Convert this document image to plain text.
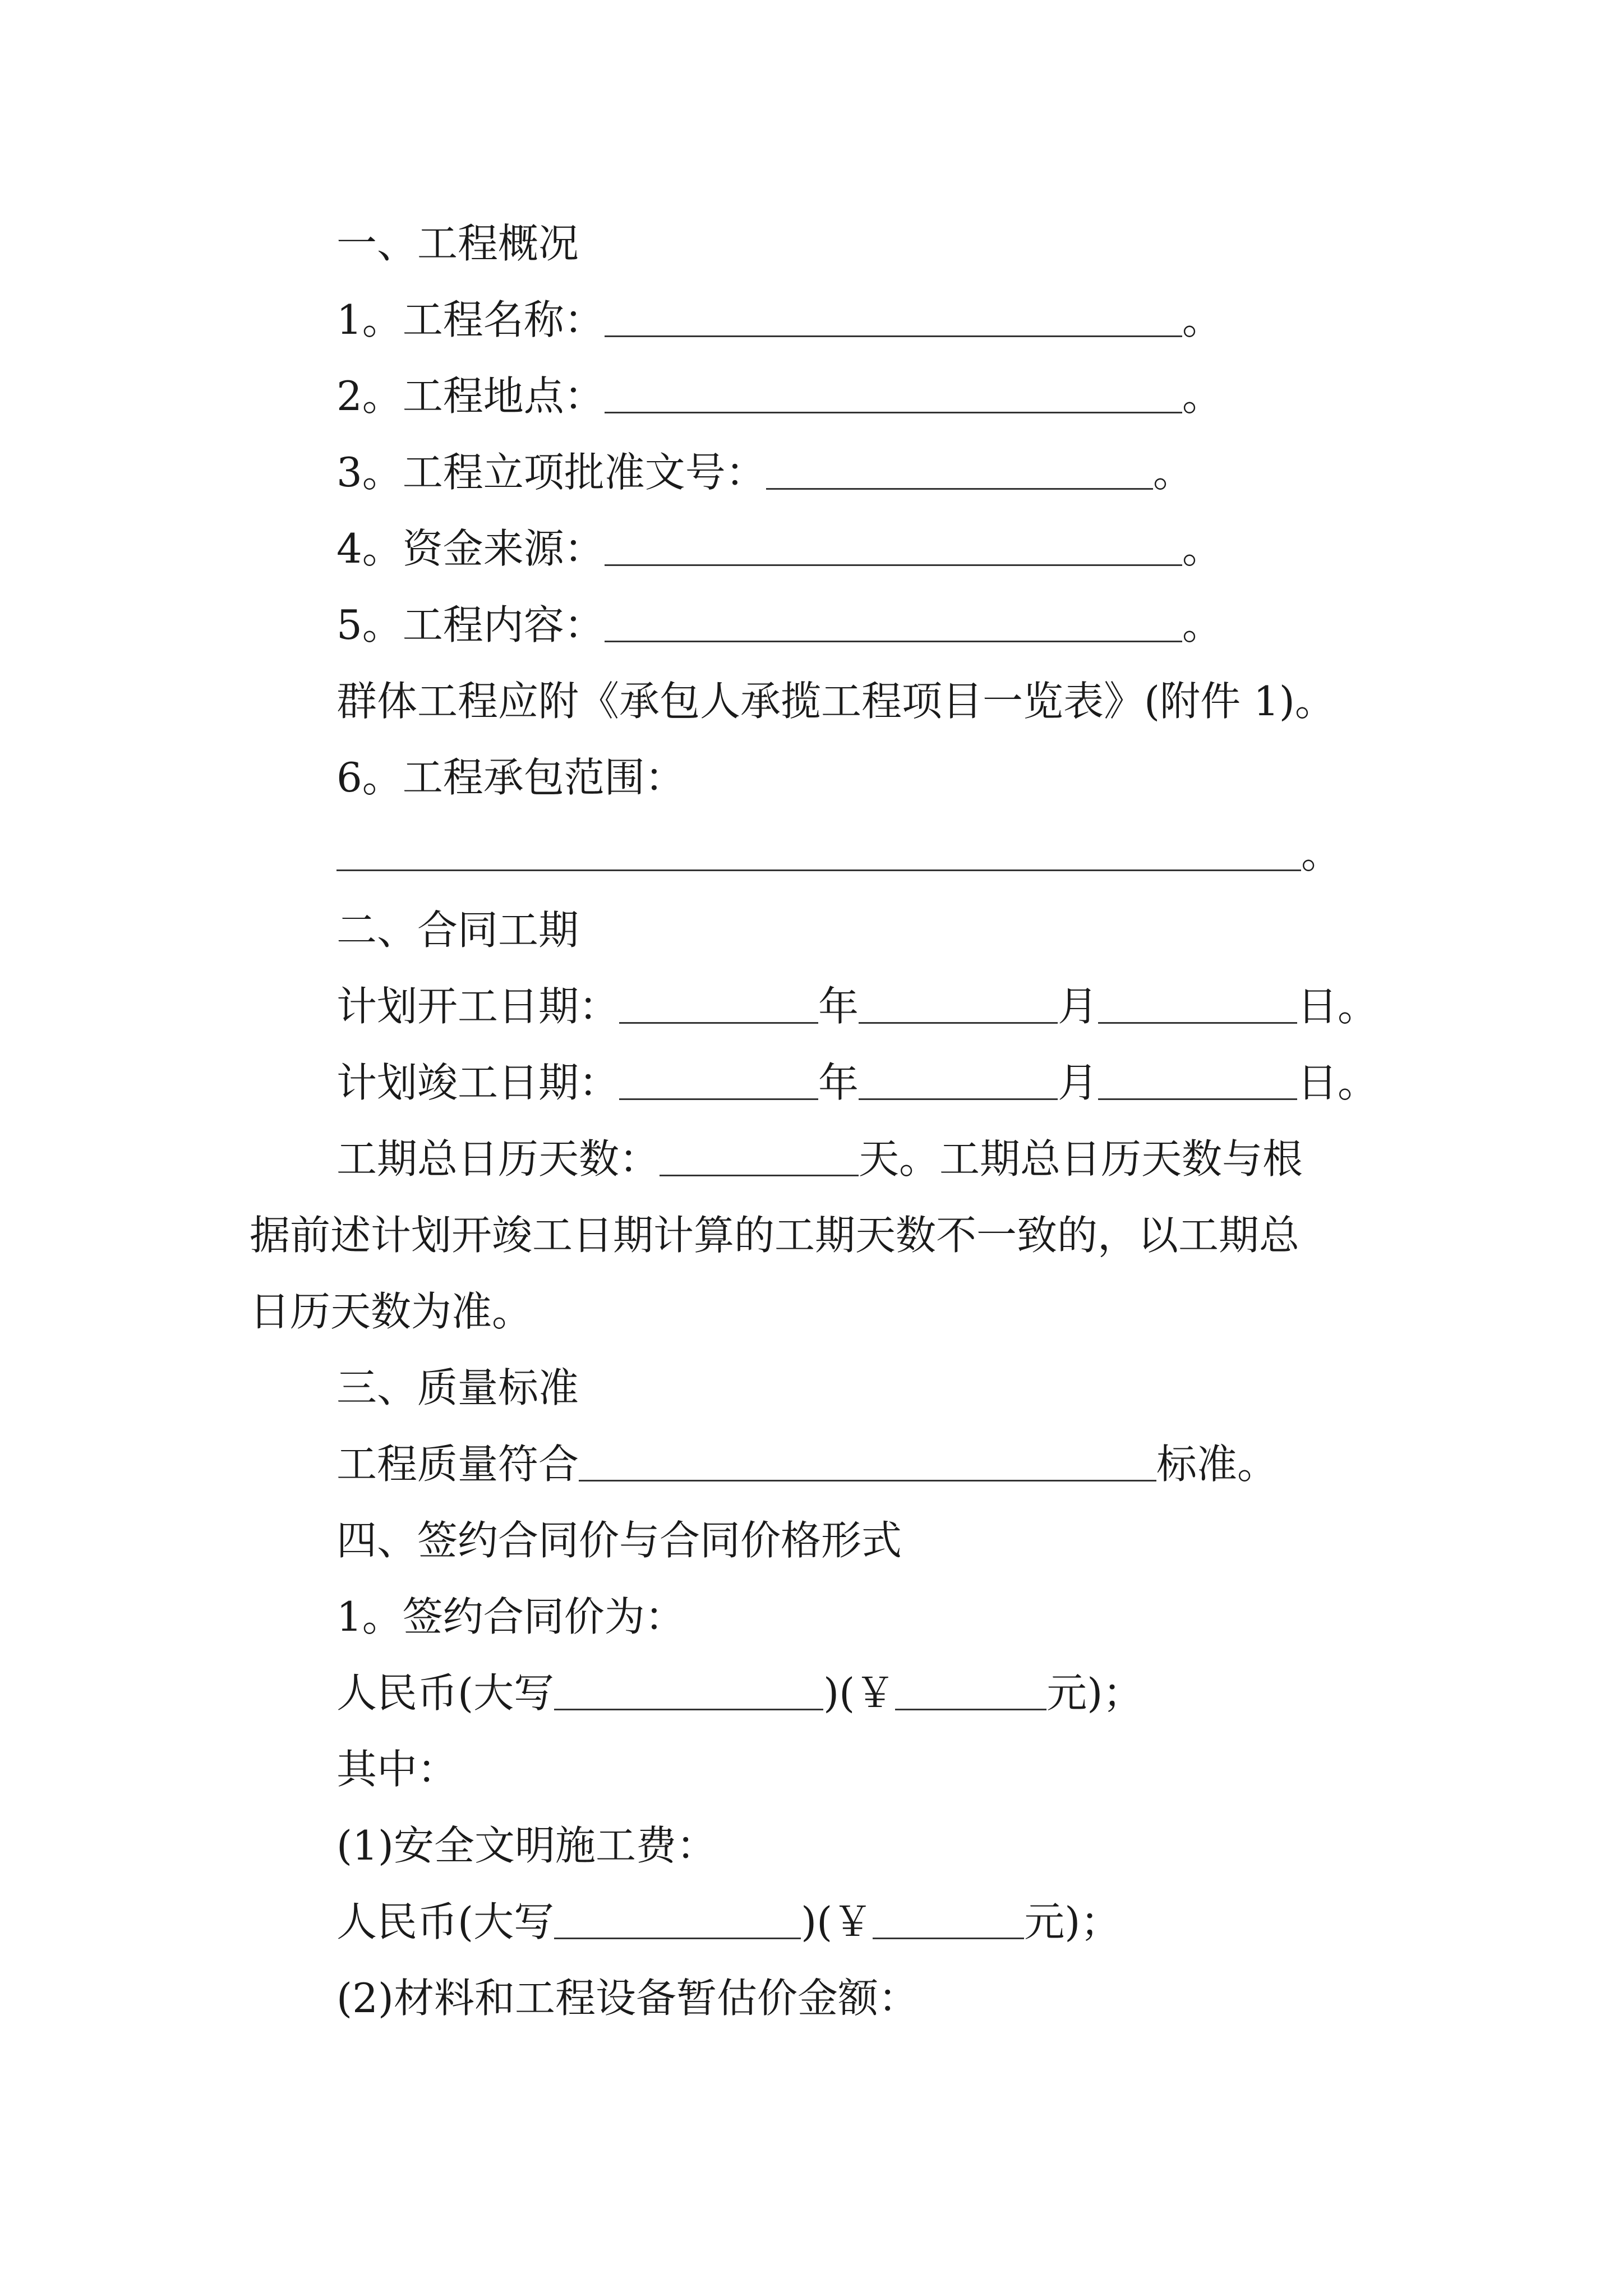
一、工程概况
1。工程名称：	。
2。工程地点：	。
3。工程立项批准文号：	。
4。资金来源：	。
5。工程内容：	。
群体工程应附《承包人承揽工程项目一览表》(附件 1)。
6。工程承包范围：
。
二、合同工期
计划开工日期：	年	月	日。
计划竣工日期：	年	月	日。
工期总日历天数：	天。工期总日历天数与根
据前述计划开竣工日期计算的工期天数不一致的，以工期总
日历天数为准。
三、质量标准
工程质量符合	标准。
四、签约合同价与合同价格形式
1。签约合同价为：
人民币(大写	)(￥	元)；
其中：
(1)安全文明施工费：
人民币(大写	)(￥	元)；
(2)材料和工程设备暂估价金额：
